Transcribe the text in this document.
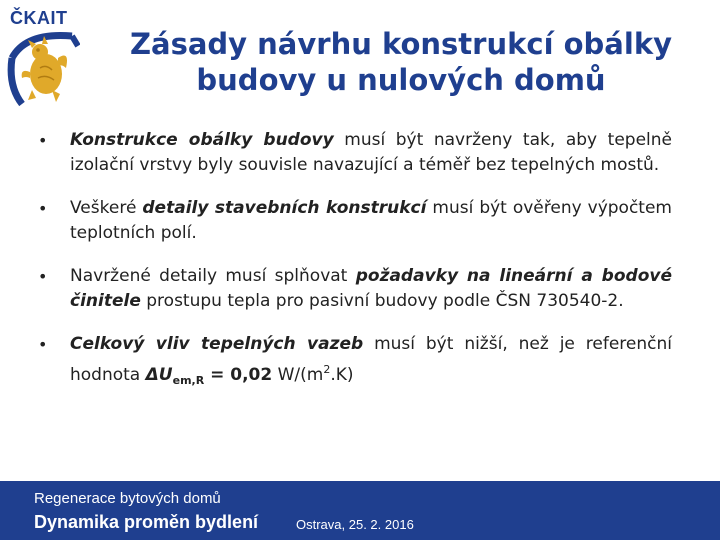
ČKAIT
Zásady návrhu konstrukcí obálky
budovy u nulových domů
• Konstrukce obálky budovy musí být navrženy tak, aby tepelně izolační vrstvy byly souvisle navazující a téměř bez tepelných mostů.
• Veškeré detaily stavebních konstrukcí musí být ověřeny výpočtem teplotních polí.
• Navržené detaily musí splňovat požadavky na lineární a bodové činitele prostupu tepla pro pasivní budovy podle ČSN 730540-2.
• Celkový vliv tepelných vazeb musí být nižší, než je referenční hodnota $\Delta U_{em,R} = 0,02$ $W/(m^2.K)$
Regenerace bytových domů
Dynamika proměn bydlení	Ostrava, 25. 2. 2016
